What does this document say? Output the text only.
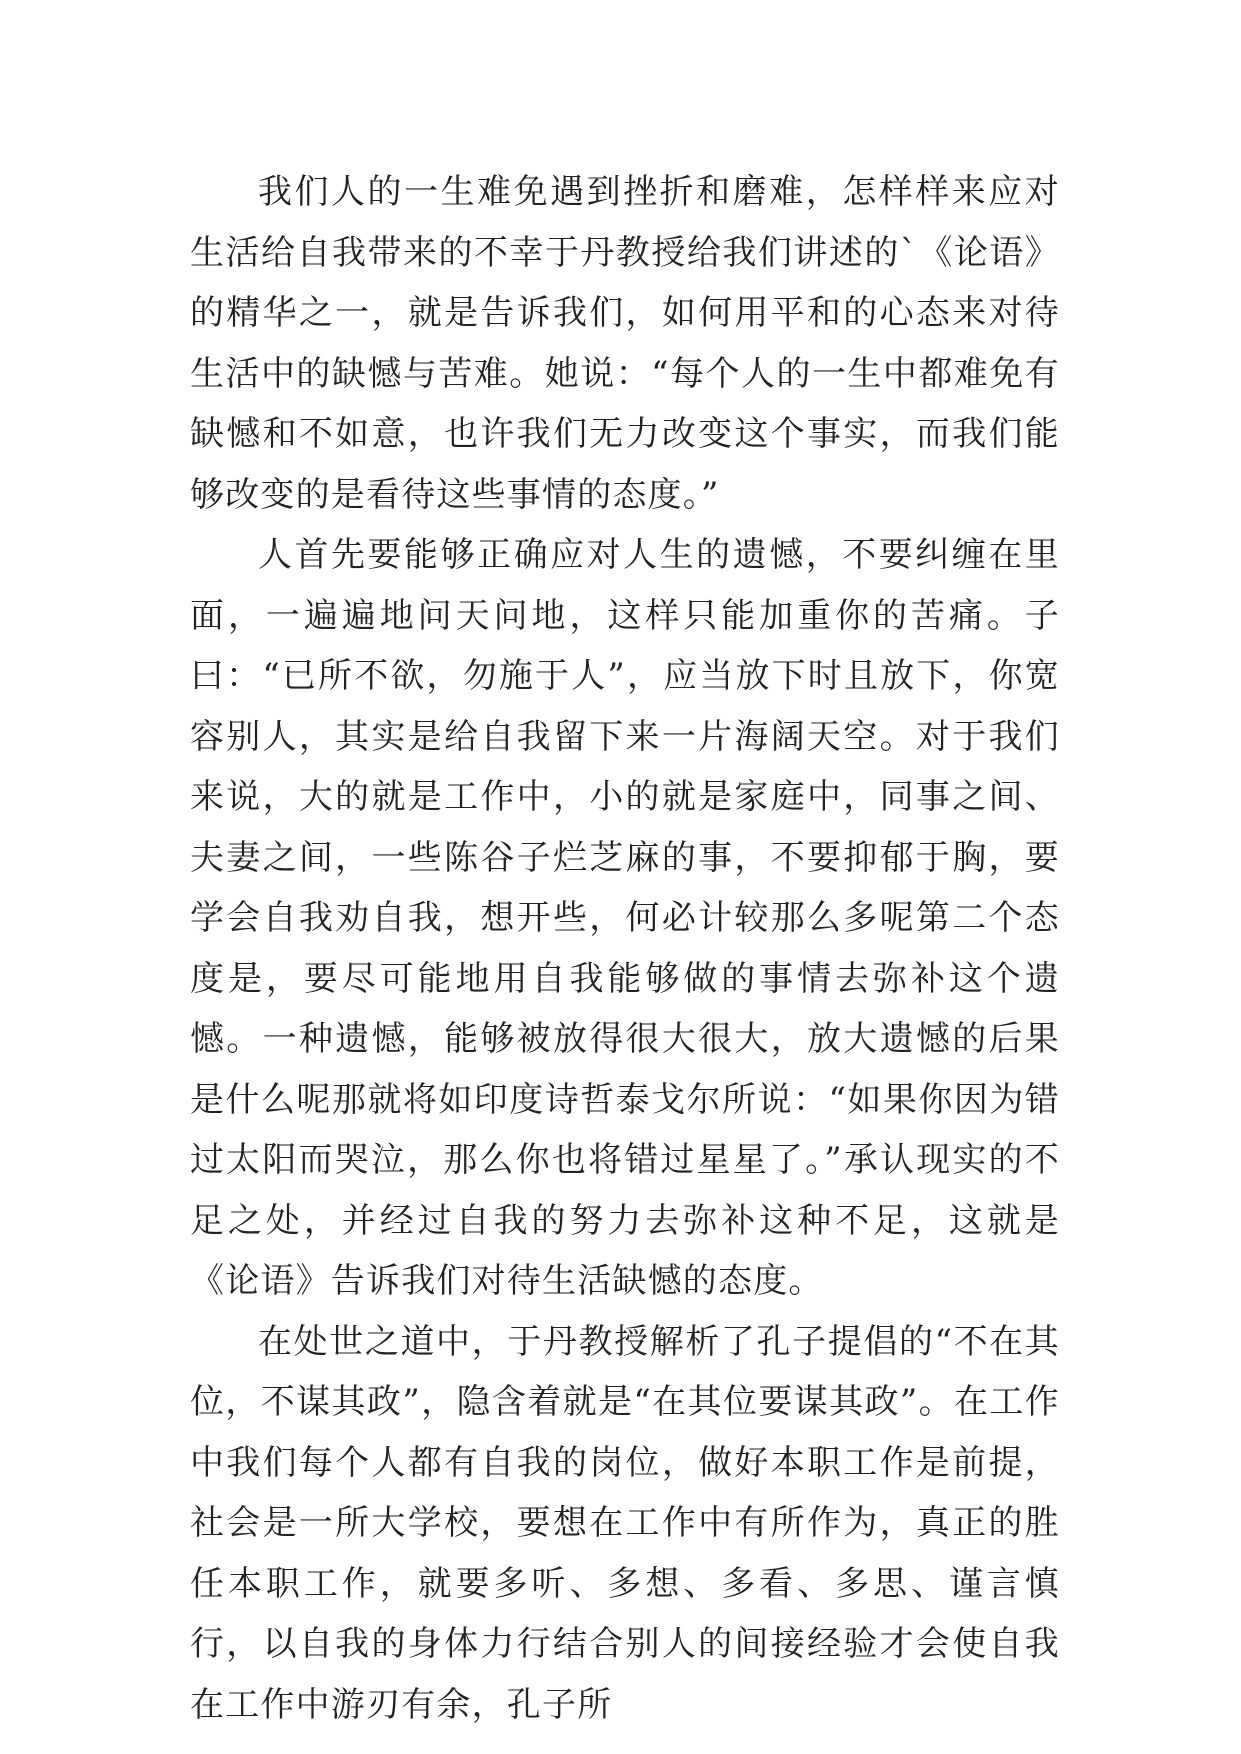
我们人的一生难免遇到挫折和磨难，怎样样来应对生活给自我带来的不幸于丹教授给我们讲述的`《论语》的精华之一，就是告诉我们，如何用平和的心态来对待生活中的缺憾与苦难。她说：“每个人的一生中都难免有缺憾和不如意，也许我们无力改变这个事实，而我们能够改变的是看待这些事情的态度。”

人首先要能够正确应对人生的遗憾，不要纠缠在里面，一遍遍地问天问地，这样只能加重你的苦痛。子曰：“已所不欲，勿施于人”，应当放下时且放下，你宽容别人，其实是给自我留下来一片海阔天空。对于我们来说，大的就是工作中，小的就是家庭中，同事之间、夫妻之间，一些陈谷子烂芝麻的事，不要抑郁于胸，要学会自我劝自我，想开些，何必计较那么多呢第二个态度是，要尽可能地用自我能够做的事情去弥补这个遗憾。一种遗憾，能够被放得很大很大，放大遗憾的后果是什么呢那就将如印度诗哲泰戈尔所说：“如果你因为错过太阳而哭泣，那么你也将错过星星了。”承认现实的不足之处，并经过自我的努力去弥补这种不足，这就是《论语》告诉我们对待生活缺憾的态度。

在处世之道中，于丹教授解析了孔子提倡的“不在其位，不谋其政”，隐含着就是“在其位要谋其政”。在工作中我们每个人都有自我的岗位，做好本职工作是前提，社会是一所大学校，要想在工作中有所作为，真正的胜任本职工作，就要多听、多想、多看、多思、谨言慎行，以自我的身体力行结合别人的间接经验才会使自我在工作中游刃有余，孔子所
